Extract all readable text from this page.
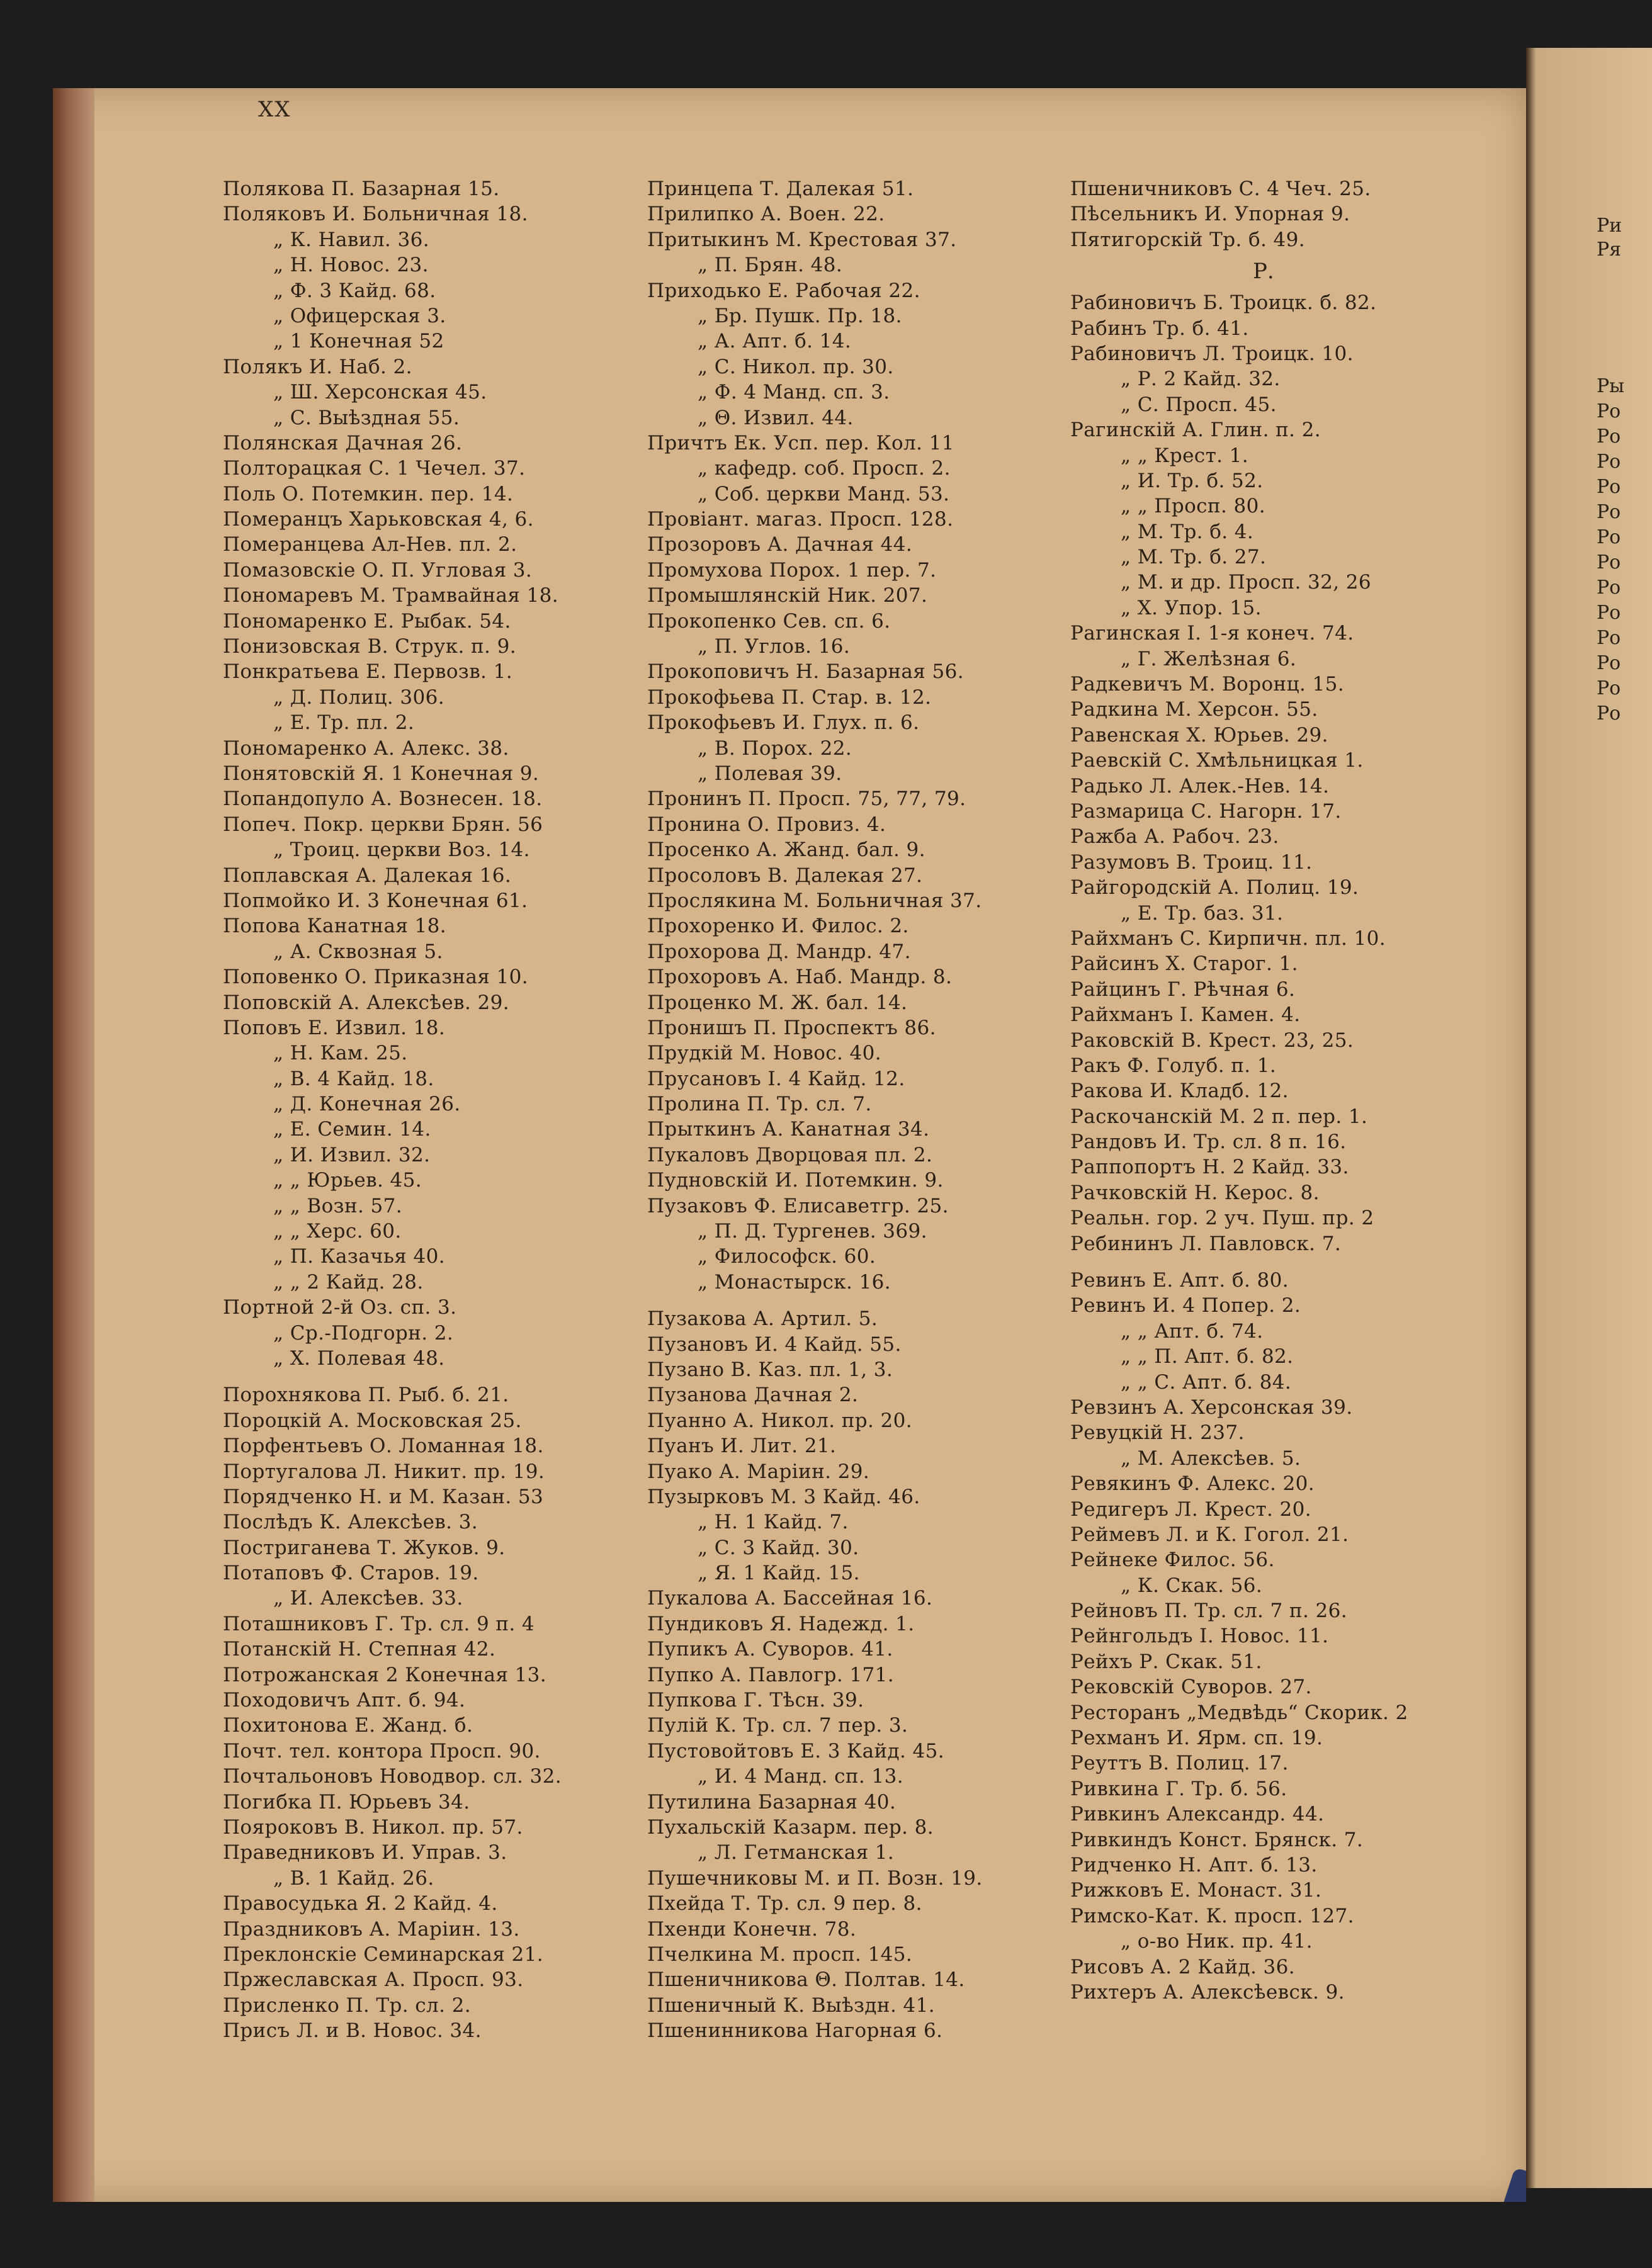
XX
Полякова П. Базарная 15.
Поляковъ И. Больничная 18.
„ К. Навил. 36.
„ Н. Новос. 23.
„ Ф. 3 Кайд. 68.
„ Офицерская 3.
„ 1 Конечная 52
Полякъ И. Наб. 2.
„ Ш. Херсонская 45.
„ С. Выѣздная 55.
Полянская Дачная 26.
Полторацкая С. 1 Чечел. 37.
Поль О. Потемкин. пер. 14.
Померанцъ Харьковская 4, 6.
Померанцева Ал-Нев. пл. 2.
Помазовскіе О. П. Угловая 3.
Пономаревъ М. Трамвайная 18.
Пономаренко Е. Рыбак. 54.
Понизовская В. Струк. п. 9.
Понкратьева Е. Первозв. 1.
„ Д. Полиц. 306.
„ Е. Тр. пл. 2.
Пономаренко А. Алекс. 38.
Понятовскій Я. 1 Конечная 9.
Попандопуло А. Вознесен. 18.
Попеч. Покр. церкви Брян. 56
„ Троиц. церкви Воз. 14.
Поплавская А. Далекая 16.
Попмойко И. 3 Конечная 61.
Попова Канатная 18.
„ А. Сквозная 5.
Поповенко О. Приказная 10.
Поповскій А. Алексѣев. 29.
Поповъ Е. Извил. 18.
„ Н. Кам. 25.
„ В. 4 Кайд. 18.
„ Д. Конечная 26.
„ Е. Семин. 14.
„ И. Извил. 32.
„ „ Юрьев. 45.
„ „ Возн. 57.
„ „ Херс. 60.
„ П. Казачья 40.
„ „ 2 Кайд. 28.
Портной 2-й Оз. сп. 3.
„ Ср.-Подгорн. 2.
„ Х. Полевая 48.
Порохнякова П. Рыб. б. 21.
Пороцкій А. Московская 25.
Порфентьевъ О. Ломанная 18.
Португалова Л. Никит. пр. 19.
Порядченко Н. и М. Казан. 53
Послѣдъ К. Алексѣев. 3.
Постриганева Т. Жуков. 9.
Потаповъ Ф. Старов. 19.
„ И. Алексѣев. 33.
Поташниковъ Г. Тр. сл. 9 п. 4
Потанскій Н. Степная 42.
Потрожанская 2 Конечная 13.
Походовичъ Апт. б. 94.
Похитонова Е. Жанд. б.
Почт. тел. контора Просп. 90.
Почтальоновъ Новодвор. сл. 32.
Погибка П. Юрьевъ 34.
Пояроковъ В. Никол. пр. 57.
Праведниковъ И. Управ. 3.
„ В. 1 Кайд. 26.
Правосудька Я. 2 Кайд. 4.
Праздниковъ А. Маріин. 13.
Преклонскіе Семинарская 21.
Пржеславская А. Просп. 93.
Присленко П. Тр. сл. 2.
Присъ Л. и В. Новос. 34.
Принцепа Т. Далекая 51.
Прилипко А. Воен. 22.
Притыкинъ М. Крестовая 37.
„ П. Брян. 48.
Приходько Е. Рабочая 22.
„ Бр. Пушк. Пр. 18.
„ А. Апт. б. 14.
„ С. Никол. пр. 30.
„ Ф. 4 Манд. сп. 3.
„ Θ. Извил. 44.
Причтъ Ек. Усп. пер. Кол. 11
„ кафедр. соб. Просп. 2.
„ Соб. церкви Манд. 53.
Провіант. магаз. Просп. 128.
Прозоровъ А. Дачная 44.
Промухова Порох. 1 пер. 7.
Промышлянскій Ник. 207.
Прокопенко Сев. сп. 6.
„ П. Углов. 16.
Прокоповичъ Н. Базарная 56.
Прокофьева П. Стар. в. 12.
Прокофьевъ И. Глух. п. 6.
„ В. Порох. 22.
„ Полевая 39.
Пронинъ П. Просп. 75, 77, 79.
Пронина О. Провиз. 4.
Просенко А. Жанд. бал. 9.
Просоловъ В. Далекая 27.
Прослякина М. Больничная 37.
Прохоренко И. Филос. 2.
Прохорова Д. Мандр. 47.
Прохоровъ А. Наб. Мандр. 8.
Проценко М. Ж. бал. 14.
Пронишъ П. Проспектъ 86.
Прудкій М. Новос. 40.
Прусановъ I. 4 Кайд. 12.
Пролина П. Тр. сл. 7.
Прыткинъ А. Канатная 34.
Пукаловъ Дворцовая пл. 2.
Пудновскій И. Потемкин. 9.
Пузаковъ Ф. Елисаветгр. 25.
„ П. Д. Тургенев. 369.
„ Философск. 60.
„ Монастырск. 16.
Пузакова А. Артил. 5.
Пузановъ И. 4 Кайд. 55.
Пузано В. Каз. пл. 1, 3.
Пузанова Дачная 2.
Пуанно А. Никол. пр. 20.
Пуанъ И. Лит. 21.
Пуако А. Маріин. 29.
Пузырковъ М. 3 Кайд. 46.
„ Н. 1 Кайд. 7.
„ С. 3 Кайд. 30.
„ Я. 1 Кайд. 15.
Пукалова А. Бассейная 16.
Пундиковъ Я. Надежд. 1.
Пупикъ А. Суворов. 41.
Пупко А. Павлогр. 171.
Пупкова Г. Тѣсн. 39.
Пулій К. Тр. сл. 7 пер. 3.
Пустовойтовъ Е. 3 Кайд. 45.
„ И. 4 Манд. сп. 13.
Путилина Базарная 40.
Пухальскій Казарм. пер. 8.
„ Л. Гетманская 1.
Пушечниковы М. и П. Возн. 19.
Пхейда Т. Тр. сл. 9 пер. 8.
Пхенди Конечн. 78.
Пчелкина М. просп. 145.
Пшеничникова Θ. Полтав. 14.
Пшеничный К. Выѣздн. 41.
Пшенинникова Нагорная 6.
Пшеничниковъ С. 4 Чеч. 25.
Пѣсельникъ И. Упорная 9.
Пятигорскій Тр. б. 49.
Р.
Рабиновичъ Б. Троицк. б. 82.
Рабинъ Тр. б. 41.
Рабиновичъ Л. Троицк. 10.
„ Р. 2 Кайд. 32.
„ С. Просп. 45.
Рагинскій А. Глин. п. 2.
„ „ Крест. 1.
„ И. Тр. б. 52.
„ „ Просп. 80.
„ М. Тр. б. 4.
„ М. Тр. б. 27.
„ М. и др. Просп. 32, 26
„ Х. Упор. 15.
Рагинская I. 1-я конеч. 74.
„ Г. Желѣзная 6.
Радкевичъ М. Воронц. 15.
Радкина М. Херсон. 55.
Равенская Х. Юрьев. 29.
Раевскій С. Хмѣльницкая 1.
Радько Л. Алек.-Нев. 14.
Размарица С. Нагорн. 17.
Ражба А. Рабоч. 23.
Разумовъ В. Троиц. 11.
Райгородскій А. Полиц. 19.
„ Е. Тр. баз. 31.
Райхманъ С. Кирпичн. пл. 10.
Райсинъ Х. Старог. 1.
Райцинъ Г. Рѣчная 6.
Райхманъ I. Камен. 4.
Раковскій В. Крест. 23, 25.
Ракъ Ф. Голуб. п. 1.
Ракова И. Кладб. 12.
Раскочанскій М. 2 п. пер. 1.
Рандовъ И. Тр. сл. 8 п. 16.
Раппопортъ Н. 2 Кайд. 33.
Рачковскій Н. Керос. 8.
Реальн. гор. 2 уч. Пуш. пр. 2
Ребининъ Л. Павловск. 7.
Ревинъ Е. Апт. б. 80.
Ревинъ И. 4 Попер. 2.
„ „ Апт. б. 74.
„ „ П. Апт. б. 82.
„ „ С. Апт. б. 84.
Ревзинъ А. Херсонская 39.
Ревуцкій Н. 237.
„ М. Алексѣев. 5.
Ревякинъ Ф. Алекс. 20.
Редигеръ Л. Крест. 20.
Реймевъ Л. и К. Гогол. 21.
Рейнеке Филос. 56.
„ К. Скак. 56.
Рейновъ П. Тр. сл. 7 п. 26.
Рейнгольдъ I. Новос. 11.
Рейхъ Р. Скак. 51.
Рековскій Суворов. 27.
Ресторанъ „Медвѣдь“ Скорик. 2
Рехманъ И. Ярм. сп. 19.
Реуттъ В. Полиц. 17.
Ривкина Г. Тр. б. 56.
Ривкинъ Александр. 44.
Ривкиндъ Конст. Брянск. 7.
Ридченко Н. Апт. б. 13.
Рижковъ Е. Монаст. 31.
Римско-Кат. К. просп. 127.
„ о-во Ник. пр. 41.
Рисовъ А. 2 Кайд. 36.
Рихтеръ А. Алексѣевск. 9.
Ри
Ря
Ры
Ро
Ро
Ро
Ро
Ро
Ро
Ро
Ро
Ро
Ро
Ро
Ро
Ро
